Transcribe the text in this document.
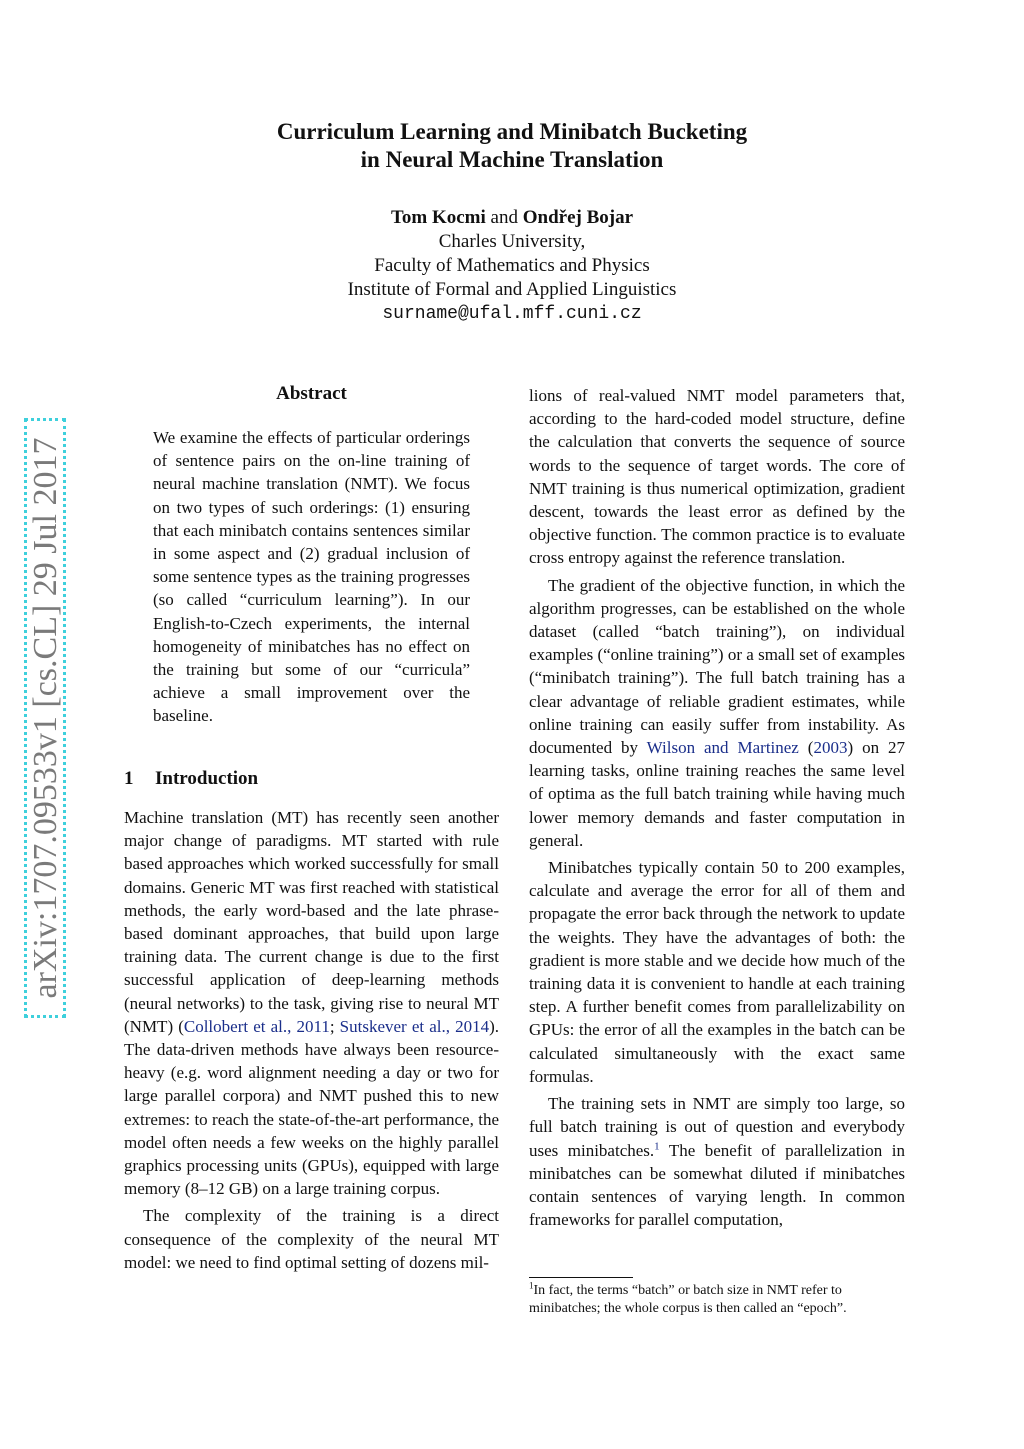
Curriculum Learning and Minibatch Bucketing
in Neural Machine Translation
Tom Kocmi and Ondřej Bojar
Charles University,
Faculty of Mathematics and Physics
Institute of Formal and Applied Linguistics
surname@ufal.mff.cuni.cz
arXiv:1707.09533v1 [cs.CL] 29 Jul 2017
Abstract

We examine the effects of particular orderings of sentence pairs on the on-line training of neural machine translation (NMT). We focus on two types of such orderings: (1) ensuring that each minibatch contains sentences similar in some aspect and (2) gradual inclusion of some sentence types as the training progresses (so called “curriculum learning”). In our English-to-Czech experiments, the internal homogeneity of minibatches has no effect on the training but some of our “curricula” achieve a small improvement over the baseline.

1 Introduction

Machine translation (MT) has recently seen another major change of paradigms. MT started with rule based approaches which worked successfully for small domains. Generic MT was first reached with statistical methods, the early word-based and the late phrase-based dominant approaches, that build upon large training data. The current change is due to the first successful application of deep-learning methods (neural networks) to the task, giving rise to neural MT (NMT) (Collobert et al., 2011; Sutskever et al., 2014). The data-driven methods have always been resource-heavy (e.g. word alignment needing a day or two for large parallel corpora) and NMT pushed this to new extremes: to reach the state-of-the-art performance, the model often needs a few weeks on the highly parallel graphics processing units (GPUs), equipped with large memory (8–12 GB) on a large training corpus.

The complexity of the training is a direct consequence of the complexity of the neural MT model: we need to find optimal setting of dozens mil-

lions of real-valued NMT model parameters that, according to the hard-coded model structure, define the calculation that converts the sequence of source words to the sequence of target words. The core of NMT training is thus numerical optimization, gradient descent, towards the least error as defined by the objective function. The common practice is to evaluate cross entropy against the reference translation.

The gradient of the objective function, in which the algorithm progresses, can be established on the whole dataset (called “batch training”), on individual examples (“online training”) or a small set of examples (“minibatch training”). The full batch training has a clear advantage of reliable gradient estimates, while online training can easily suffer from instability. As documented by Wilson and Martinez (2003) on 27 learning tasks, online training reaches the same level of optima as the full batch training while having much lower memory demands and faster computation in general.

Minibatches typically contain 50 to 200 examples, calculate and average the error for all of them and propagate the error back through the network to update the weights. They have the advantages of both: the gradient is more stable and we decide how much of the training data it is convenient to handle at each training step. A further benefit comes from parallelizability on GPUs: the error of all the examples in the batch can be calculated simultaneously with the exact same formulas.

The training sets in NMT are simply too large, so full batch training is out of question and everybody uses minibatches.$^1$ The benefit of parallelization in minibatches can be somewhat diluted if minibatches contain sentences of varying length. In common frameworks for parallel computation,

$^1$In fact, the terms “batch” or batch size in NMT refer to minibatches; the whole corpus is then called an “epoch”.
